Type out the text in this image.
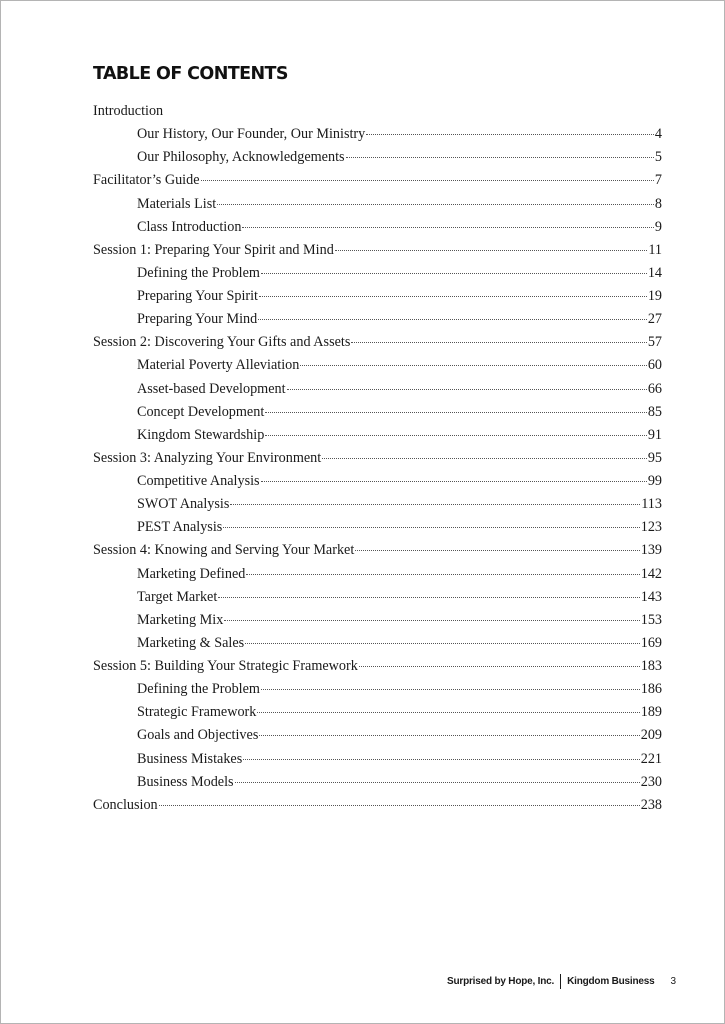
TABLE OF CONTENTS
Introduction
Our History, Our Founder, Our Ministry	4
Our Philosophy, Acknowledgements	5
Facilitator’s Guide	7
Materials List	8
Class Introduction	9
Session 1: Preparing Your Spirit and Mind	11
Defining the Problem	14
Preparing Your Spirit	19
Preparing Your Mind	27
Session 2: Discovering Your Gifts and Assets	57
Material Poverty Alleviation	60
Asset-based Development	66
Concept Development	85
Kingdom Stewardship	91
Session 3: Analyzing Your Environment	95
Competitive Analysis	99
SWOT Analysis	113
PEST Analysis	123
Session 4: Knowing and Serving Your Market	139
Marketing Defined	142
Target Market	143
Marketing Mix	153
Marketing & Sales	169
Session 5: Building Your Strategic Framework	183
Defining the Problem	186
Strategic Framework	189
Goals and Objectives	209
Business Mistakes	221
Business Models	230
Conclusion	238
Surprised by Hope, Inc. Kingdom Business 3
